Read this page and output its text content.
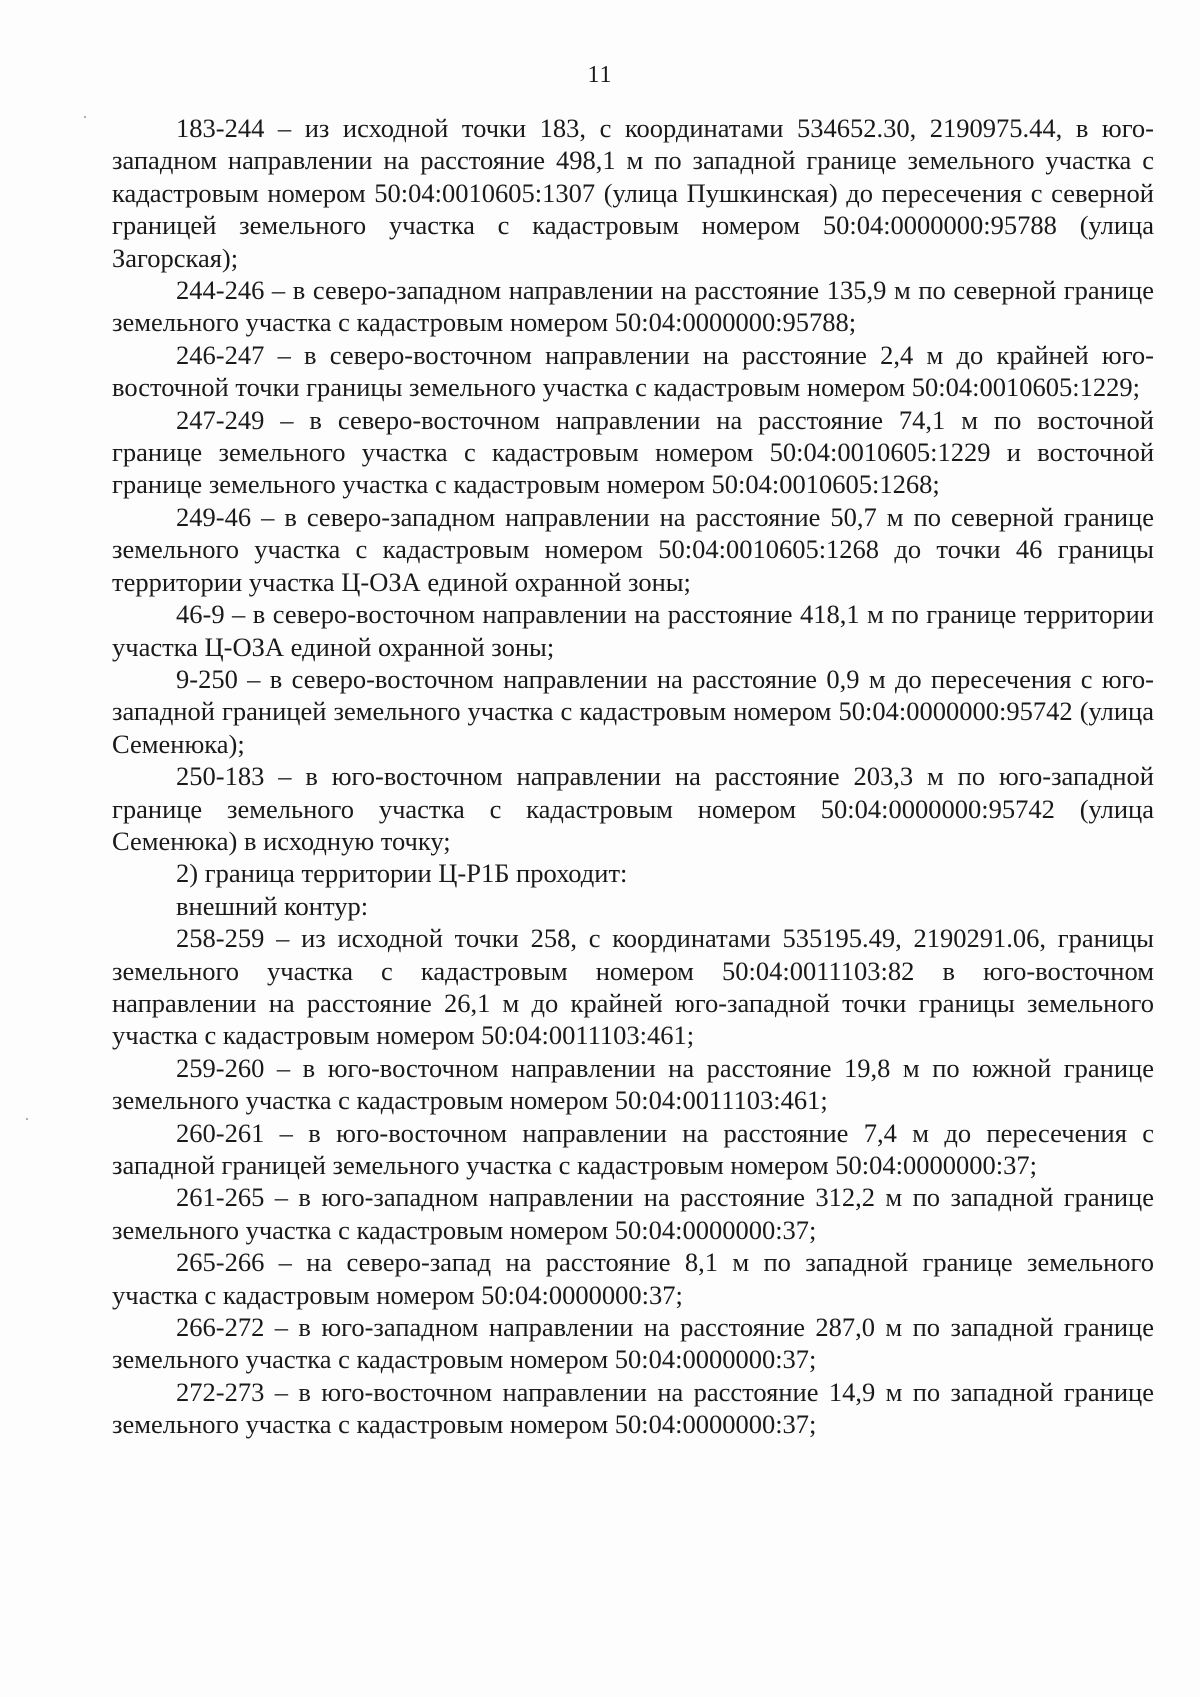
11

183-244 – из исходной точки 183, с координатами 534652.30, 2190975.44, в юго-западном направлении на расстояние 498,1 м по западной границе земельного участка с кадастровым номером 50:04:0010605:1307 (улица Пушкинская) до пересечения с северной границей земельного участка с кадастровым номером 50:04:0000000:95788 (улица Загорская);

244-246 – в северо-западном направлении на расстояние 135,9 м по северной границе земельного участка с кадастровым номером 50:04:0000000:95788;

246-247 – в северо-восточном направлении на расстояние 2,4 м до крайней юго-восточной точки границы земельного участка с кадастровым номером 50:04:0010605:1229;

247-249 – в северо-восточном направлении на расстояние 74,1 м по восточной границе земельного участка с кадастровым номером 50:04:0010605:1229 и восточной границе земельного участка с кадастровым номером 50:04:0010605:1268;

249-46 – в северо-западном направлении на расстояние 50,7 м по северной границе земельного участка с кадастровым номером 50:04:0010605:1268 до точки 46 границы территории участка Ц-ОЗА единой охранной зоны;

46-9 – в северо-восточном направлении на расстояние 418,1 м по границе территории участка Ц-ОЗА единой охранной зоны;

9-250 – в северо-восточном направлении на расстояние 0,9 м до пересечения с юго-западной границей земельного участка с кадастровым номером 50:04:0000000:95742 (улица Семенюка);

250-183 – в юго-восточном направлении на расстояние 203,3 м по юго-западной границе земельного участка с кадастровым номером 50:04:0000000:95742 (улица Семенюка) в исходную точку;

2) граница территории Ц-Р1Б проходит:

внешний контур:

258-259 – из исходной точки 258, с координатами 535195.49, 2190291.06, границы земельного участка с кадастровым номером 50:04:0011103:82 в юго-восточном направлении на расстояние 26,1 м до крайней юго-западной точки границы земельного участка с кадастровым номером 50:04:0011103:461;

259-260 – в юго-восточном направлении на расстояние 19,8 м по южной границе земельного участка с кадастровым номером 50:04:0011103:461;

260-261 – в юго-восточном направлении на расстояние 7,4 м до пересечения с западной границей земельного участка с кадастровым номером 50:04:0000000:37;

261-265 – в юго-западном направлении на расстояние 312,2 м по западной границе земельного участка с кадастровым номером 50:04:0000000:37;

265-266 – на северо-запад на расстояние 8,1 м по западной границе земельного участка с кадастровым номером 50:04:0000000:37;

266-272 – в юго-западном направлении на расстояние 287,0 м по западной границе земельного участка с кадастровым номером 50:04:0000000:37;

272-273 – в юго-восточном направлении на расстояние 14,9 м по западной границе земельного участка с кадастровым номером 50:04:0000000:37;
